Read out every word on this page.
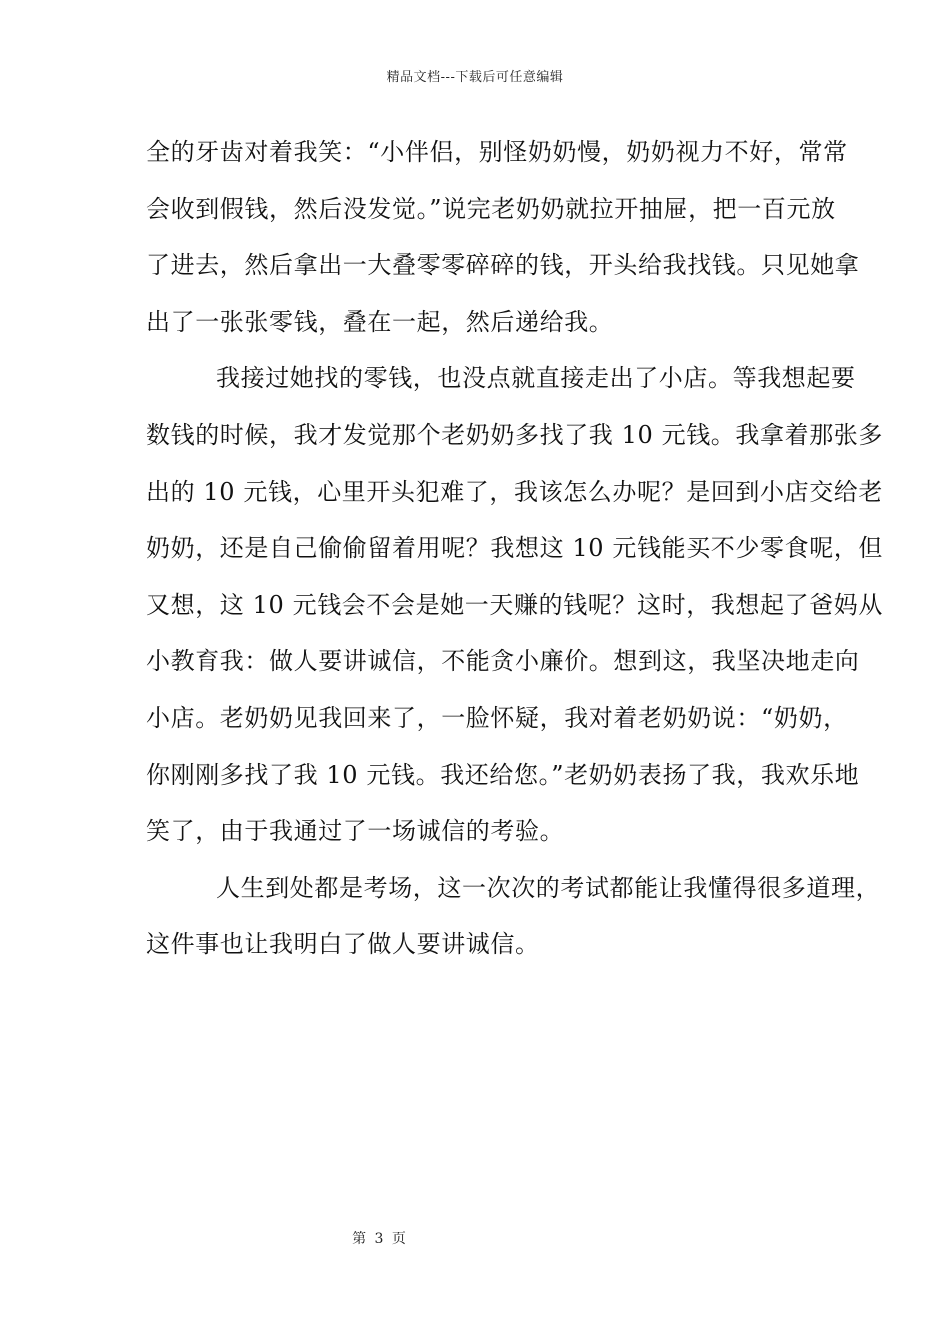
精品文档---下载后可任意编辑
全的牙齿对着我笑：“小伴侣，别怪奶奶慢，奶奶视力不好，常常
会收到假钱，然后没发觉。”说完老奶奶就拉开抽屉，把一百元放
了进去，然后拿出一大叠零零碎碎的钱，开头给我找钱。只见她拿
出了一张张零钱，叠在一起，然后递给我。
我接过她找的零钱，也没点就直接走出了小店。等我想起要
数钱的时候，我才发觉那个老奶奶多找了我 10 元钱。我拿着那张多
出的 10 元钱，心里开头犯难了，我该怎么办呢？是回到小店交给老
奶奶，还是自己偷偷留着用呢？我想这 10 元钱能买不少零食呢，但
又想，这 10 元钱会不会是她一天赚的钱呢？这时，我想起了爸妈从
小教育我：做人要讲诚信，不能贪小廉价。想到这，我坚决地走向
小店。老奶奶见我回来了，一脸怀疑，我对着老奶奶说：“奶奶，
你刚刚多找了我 10 元钱。我还给您。”老奶奶表扬了我，我欢乐地
笑了，由于我通过了一场诚信的考验。
人生到处都是考场，这一次次的考试都能让我懂得很多道理，
这件事也让我明白了做人要讲诚信。
第 3 页
